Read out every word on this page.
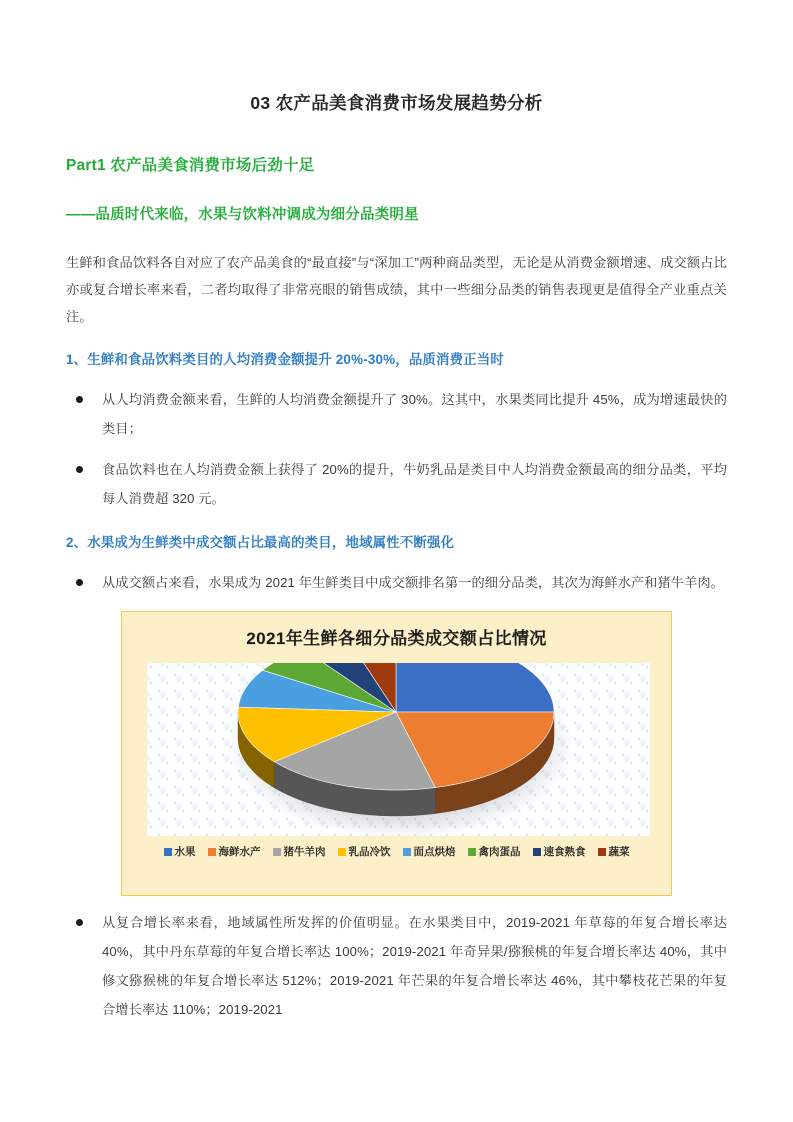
03 农产品美食消费市场发展趋势分析
Part1 农产品美食消费市场后劲十足
——品质时代来临，水果与饮料冲调成为细分品类明星
生鲜和食品饮料各自对应了农产品美食的“最直接”与“深加工”两种商品类型，无论是从消费金额增速、成交额占比亦或复合增长率来看，二者均取得了非常亮眼的销售成绩，其中一些细分品类的销售表现更是值得全产业重点关注。
1、生鲜和食品饮料类目的人均消费金额提升 20%-30%，品质消费正当时
从人均消费金额来看，生鲜的人均消费金额提升了 30%。这其中，水果类同比提升 45%，成为增速最快的类目；
食品饮料也在人均消费金额上获得了 20%的提升，牛奶乳品是类目中人均消费金额最高的细分品类，平均每人消费超 320 元。
2、水果成为生鲜类中成交额占比最高的类目，地域属性不断强化
从成交额占来看，水果成为 2021 年生鲜类目中成交额排名第一的细分品类，其次为海鲜水产和猪牛羊肉。
2021年生鲜各细分品类成交额占比情况
水果 海鲜水产 猪牛羊肉 乳品冷饮 面点烘焙 禽肉蛋品 速食熟食 蔬菜
从复合增长率来看，地域属性所发挥的价值明显。在水果类目中，2019-2021 年草莓的年复合增长率达 40%，其中丹东草莓的年复合增长率达 100%；2019-2021 年奇异果/猕猴桃的年复合增长率达 40%，其中修文猕猴桃的年复合增长率达 512%；2019-2021 年芒果的年复合增长率达 46%，其中攀枝花芒果的年复合增长率达 110%；2019-2021
